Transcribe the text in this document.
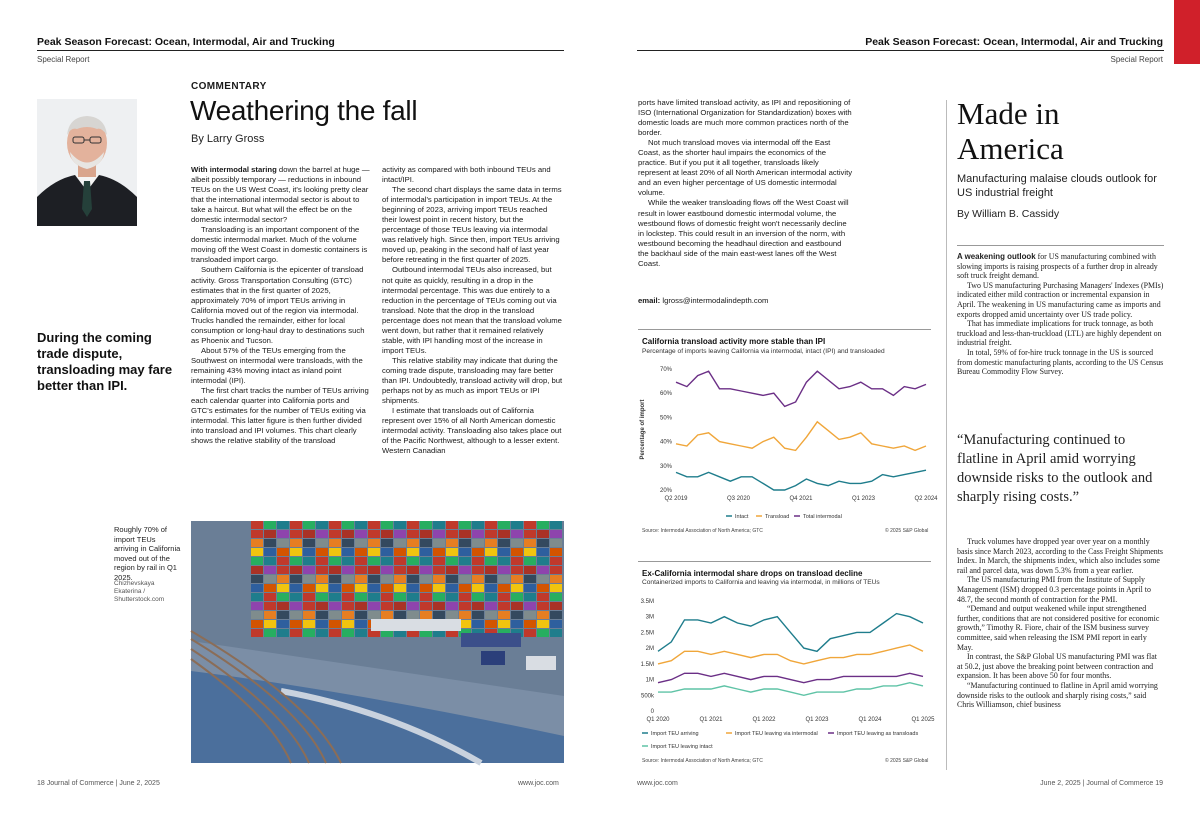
Peak Season Forecast: Ocean, Intermodal, Air and Trucking
Special Report
COMMENTARY
Weathering the fall
By Larry Gross

With intermodal staring down the barrel at huge — albeit possibly temporary — reductions in inbound TEUs on the US West Coast, it's looking pretty clear that the international intermodal sector is about to take a haircut. But what will the effect be on the domestic intermodal sector?

Transloading is an important component of the domestic intermodal market. Much of the volume moving off the West Coast in domestic containers is transloaded import cargo.

Southern California is the epicenter of transload activity. Gross Transportation Consulting (GTC) estimates that in the first quarter of 2025, approximately 70% of import TEUs arriving in California moved out of the region via intermodal. Trucks handled the remainder, either for local consumption or long-haul dray to destinations such as Phoenix and Tucson.

About 57% of the TEUs emerging from the Southwest on intermodal were transloads, with the remaining 43% moving intact as inland point intermodal (IPI).

The first chart tracks the number of TEUs arriving each calendar quarter into California ports and GTC's estimates for the number of TEUs exiting via intermodal. This latter figure is then further divided into transload and IPI volumes. This chart clearly shows the relative stability of the transload

activity as compared with both inbound TEUs and intact/IPI.

The second chart displays the same data in terms of intermodal's participation in import TEUs. At the beginning of 2023, arriving import TEUs reached their lowest point in recent history, but the percentage of those TEUs leaving via intermodal was relatively high. Since then, import TEUs arriving moved up, peaking in the second half of last year before retreating in the first quarter of 2025.

Outbound intermodal TEUs also increased, but not quite as quickly, resulting in a drop in the intermodal percentage. This was due entirely to a reduction in the percentage of TEUs coming out via transload. Note that the drop in the transload percentage does not mean that the transload volume went down, but rather that it remained relatively stable, with IPI handling most of the increase in import TEUs.

This relative stability may indicate that during the coming trade dispute, transloading may fare better than IPI. Undoubtedly, transload activity will drop, but perhaps not by as much as import TEUs or IPI shipments.

I estimate that transloads out of California represent over 15% of all North American domestic intermodal activity. Transloading also takes place out of the Pacific Northwest, although to a lesser extent. Western Canadian

During the coming trade dispute, transloading may fare better than IPI.
Roughly 70% of import TEUs arriving in California moved out of the region by rail in Q1 2025.
Chizhevskaya Ekaterina / Shutterstock.com
18 Journal of Commerce | June 2, 2025	www.joc.com
Peak Season Forecast: Ocean, Intermodal, Air and Trucking
Special Report

ports have limited transload activity, as IPI and repositioning of ISO (International Organization for Standardization) boxes with domestic loads are much more common practices north of the border.

Not much transload moves via intermodal off the East Coast, as the shorter haul impairs the economics of the practice. But if you put it all together, transloads likely represent at least 20% of all North American intermodal activity and an even higher percentage of US domestic intermodal volume.

While the weaker transloading flows off the West Coast will result in lower eastbound domestic intermodal volume, the westbound flows of domestic freight won't necessarily decline in lockstep. This could result in an inversion of the norm, with westbound becoming the headhaul direction and eastbound the backhaul side of the main east-west lanes off the West Coast.

email: lgross@intermodalindepth.com
California transload activity more stable than IPI
Percentage of imports leaving California via intermodal, intact (IPI) and transloaded
70%
60%
50%
40%
30%
20%
Q2 2019	Q3 2020	Q4 2021	Q1 2023	Q2 2024
Percentage of import
Intact	Transload Total intermodal
Source: Intermodal Association of North America; GTC	© 2025 S&P Global
Ex-California intermodal share drops on transload decline
Containerized imports to California and leaving via intermodal, in millions of TEUs
3.5M
3M
2.5M
2M
1.5M
1M
500k
0
Q1 2020	Q1 2021	Q1 2022	Q1 2023	Q1 2024	Q1 2025
Import TEU arriving	Import TEU leaving via intermodal	Import TEU leaving as transloads
Import TEU leaving intact
Source: Intermodal Association of North America; GTC	© 2025 S&P Global
Made in America
Manufacturing malaise clouds outlook for US industrial freight
By William B. Cassidy

A weakening outlook for US manufacturing combined with slowing imports is raising prospects of a further drop in already soft truck freight demand.

Two US manufacturing Purchasing Managers' Indexes (PMIs) indicated either mild contraction or incremental expansion in April. The weakening in US manufacturing came as imports and exports dropped amid uncertainty over US trade policy.

That has immediate implications for truck tonnage, as both truckload and less-than-truckload (LTL) are highly dependent on industrial freight.

In total, 59% of for-hire truck tonnage in the US is sourced from domestic manufacturing plants, according to the US Census Bureau Commodity Flow Survey.

“Manufacturing continued to flatline in April amid worrying downside risks to the outlook and sharply rising costs.”

Truck volumes have dropped year over year on a monthly basis since March 2023, according to the Cass Freight Shipments Index. In March, the shipments index, which also includes some rail and parcel data, was down 5.3% from a year earlier.

The US manufacturing PMI from the Institute of Supply Management (ISM) dropped 0.3 percentage points in April to 48.7, the second month of contraction for the PMI.

“Demand and output weakened while input strengthened further, conditions that are not considered positive for economic growth,” Timothy R. Fiore, chair of the ISM business survey committee, said when releasing the ISM PMI report in early May.

In contrast, the S&P Global US manufacturing PMI was flat at 50.2, just above the breaking point between contraction and expansion. It has been above 50 for four months.

“Manufacturing continued to flatline in April amid worrying downside risks to the outlook and sharply rising costs,” said Chris Williamson, chief business

www.joc.com	June 2, 2025 | Journal of Commerce 19
